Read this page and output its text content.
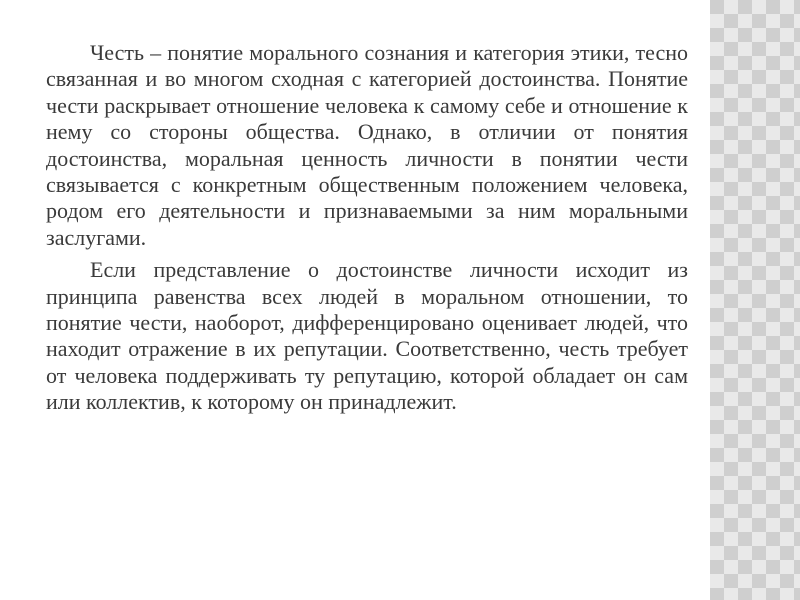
Честь – понятие морального сознания и категория этики, тесно связанная и во многом сходная с категорией достоинства. Понятие чести раскрывает отношение человека к самому себе и отношение к нему со стороны общества. Однако, в отличии от понятия достоинства, моральная ценность личности в понятии чести связывается с конкретным общественным положением человека, родом его деятельности и признаваемыми за ним моральными заслугами.

Если представление о достоинстве личности исходит из принципа равенства всех людей в моральном отношении, то понятие чести, наоборот, дифференцировано оценивает людей, что находит отражение в их репутации. Соответственно, честь требует от человека поддерживать ту репутацию, которой обладает он сам или коллектив, к которому он принадлежит.
